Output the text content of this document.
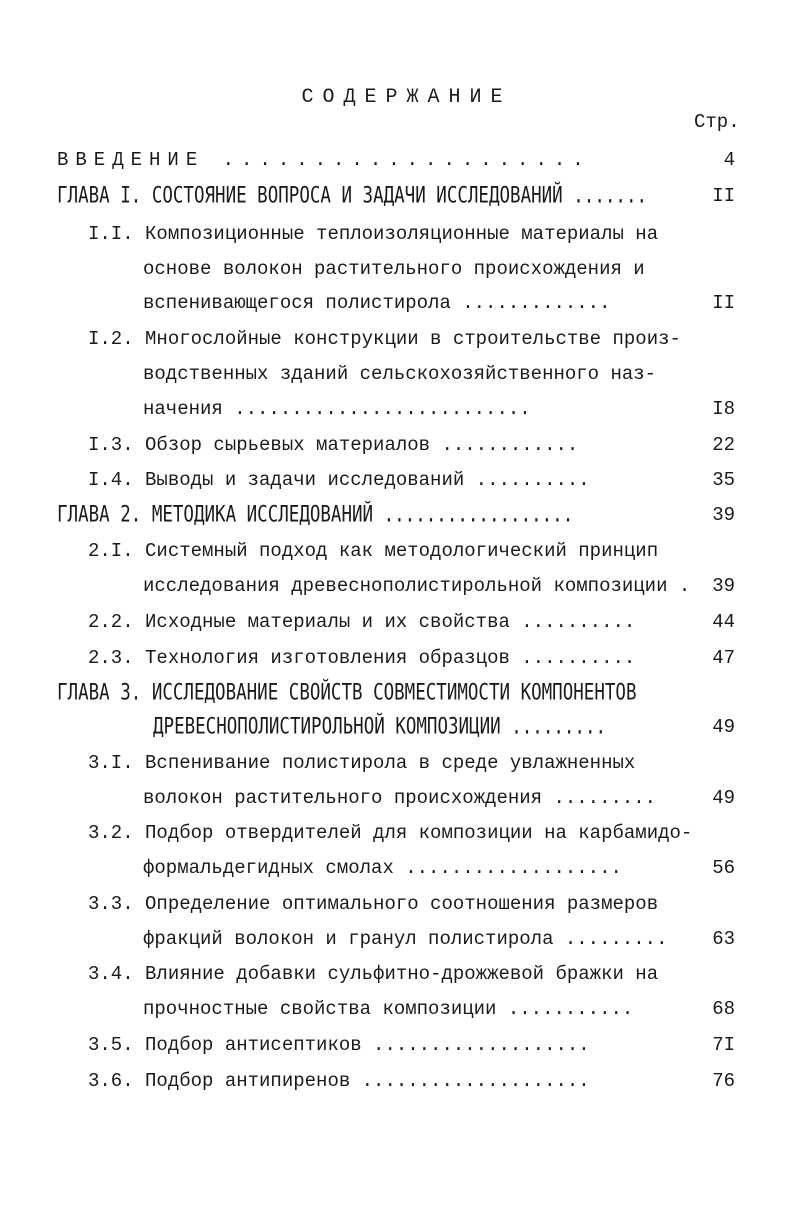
СОДЕРЖАНИЕ
Стр.
ВВЕДЕНИЕ ....................	4
ГЛАВА I. СОСТОЯНИЕ ВОПРОСА И ЗАДАЧИ ИССЛЕДОВАНИЙ .......	II
I.I. Композиционные теплоизоляционные материалы на
основе волокон растительного происхождения и
вспенивающегося полистирола .............	II
I.2. Многослойные конструкции в строительстве произ-
водственных зданий сельскохозяйственного наз-
начения ..........................	I8
I.3. Обзор сырьевых материалов ............	22
I.4. Выводы и задачи исследований ..........	35
ГЛАВА 2. МЕТОДИКА ИССЛЕДОВАНИЙ ..................	39
2.I. Системный подход как методологический принцип
исследования древеснополистирольной композиции . 39
2.2. Исходные материалы и их свойства ..........	44
2.3. Технология изготовления образцов ..........	47
ГЛАВА 3. ИССЛЕДОВАНИЕ СВОЙСТВ СОВМЕСТИМОСТИ КОМПОНЕНТОВ
ДРЕВЕСНОПОЛИСТИРОЛЬНОЙ КОМПОЗИЦИИ .........	49
3.I. Вспенивание полистирола в среде увлажненных
волокон растительного происхождения .........	49
3.2. Подбор отвердителей для композиции на карбамидо-
формальдегидных смолах ...................	56
3.3. Определение оптимального соотношения размеров
фракций волокон и гранул полистирола ......... 63
3.4. Влияние добавки сульфитно-дрожжевой бражки на
прочностные свойства композиции ...........	68
3.5. Подбор антисептиков ...................	7I
3.6. Подбор антипиренов ....................	76
